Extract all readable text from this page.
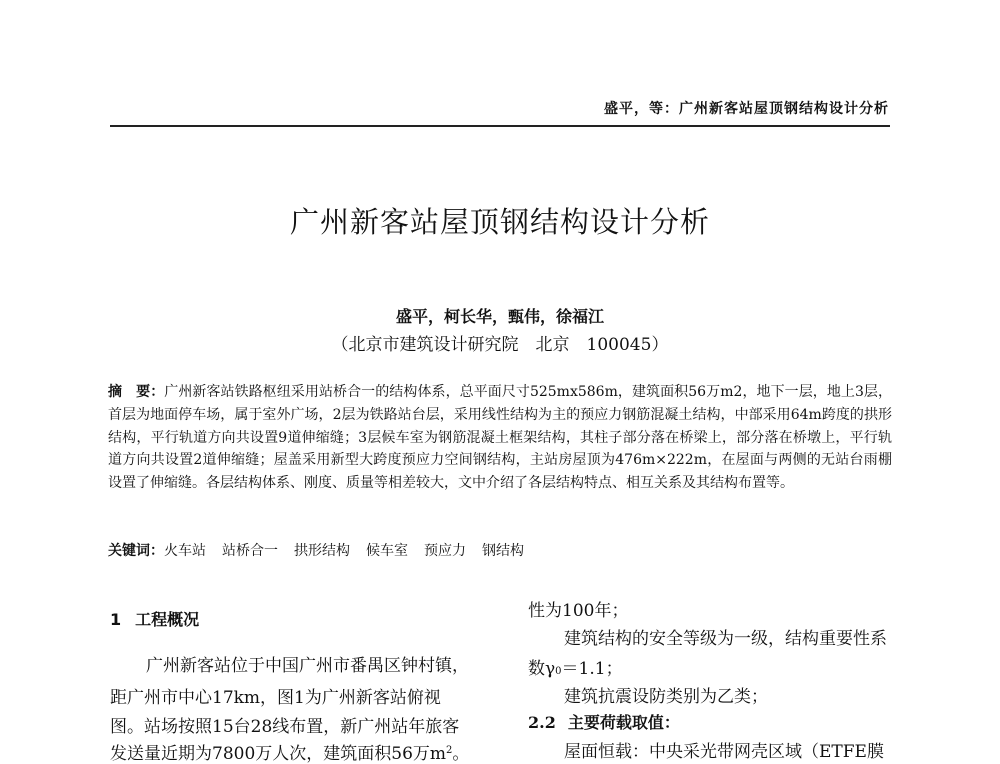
盛平，等：广州新客站屋顶钢结构设计分析
广州新客站屋顶钢结构设计分析
盛平，柯长华，甄伟，徐福江
（北京市建筑设计研究院　北京　100045）
摘　要：广州新客站铁路枢纽采用站桥合一的结构体系，总平面尺寸525mx586m，建筑面积56万m2，地下一层，地上3层，首层为地面停车场，属于室外广场，2层为铁路站台层，采用线性结构为主的预应力钢筋混凝土结构，中部采用64m跨度的拱形结构，平行轨道方向共设置9道伸缩缝；3层候车室为钢筋混凝土框架结构，其柱子部分落在桥梁上，部分落在桥墩上，平行轨道方向共设置2道伸缩缝；屋盖采用新型大跨度预应力空间钢结构，主站房屋顶为476m×222m，在屋面与两侧的无站台雨棚设置了伸缩缝。各层结构体系、刚度、质量等相差较大，文中介绍了各层结构特点、相互关系及其结构布置等。
关键词：火车站 站桥合一 拱形结构 候车室 预应力 钢结构
1 工程概况
广州新客站位于中国广州市番禺区钟村镇，
距广州市中心17km，图1为广州新客站俯视
图。站场按照15台28线布置，新广州站年旅客
发送量近期为7800万人次，建筑面积56万$m^2$。
性为100年；
建筑结构的安全等级为一级，结构重要性系
数γ0＝1.1；
建筑抗震设防类别为乙类；
2.2 主要荷载取值：
屋面恒载：中央采光带网壳区域（ETFE膜
